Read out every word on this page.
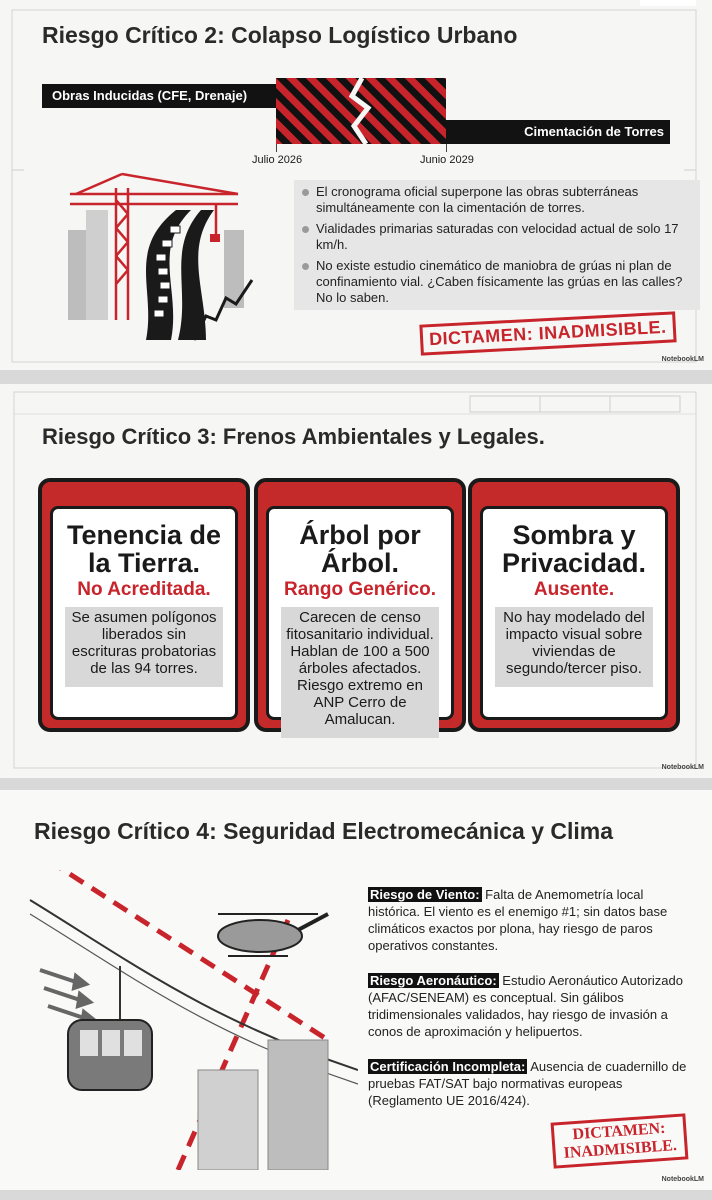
Riesgo Crítico 2: Colapso Logístico Urbano
Obras Inducidas (CFE, Drenaje)
Cimentación de Torres
Julio 2026	Junio 2029
El cronograma oficial superpone las obras subterráneas simultáneamente con la cimentación de torres.
Vialidades primarias saturadas con velocidad actual de solo 17 km/h.
No existe estudio cinemático de maniobra de grúas ni plan de confinamiento vial. ¿Caben físicamente las grúas en las calles? No lo saben.
DICTAMEN: INADMISIBLE.
NotebookLM
Riesgo Crítico 3: Frenos Ambientales y Legales.
NotebookLM
Tenencia de la Tierra.
No Acreditada.
Se asumen polígonos liberados sin escrituras probatorias de las 94 torres.
Árbol por Árbol.
Rango Genérico.
Carecen de censo fitosanitario individual. Hablan de 100 a 500 árboles afectados. Riesgo extremo en ANP Cerro de Amalucan.
Sombra y Privacidad.
Ausente.
No hay modelado del impacto visual sobre viviendas de segundo/tercer piso.
Riesgo Crítico 4: Seguridad Electromecánica y Clima
Riesgo de Viento: Falta de Anemometría local histórica. El viento es el enemigo #1; sin datos base climáticos exactos por plona, hay riesgo de paros operativos constantes.
Riesgo Aeronáutico: Estudio Aeronáutico Autorizado (AFAC/SENEAM) es conceptual. Sin gálibos tridimensionales validados, hay riesgo de invasión a conos de aproximación y helipuertos.
Certificación Incompleta: Ausencia de cuadernillo de pruebas FAT/SAT bajo normativas europeas (Reglamento UE 2016/424).
DICTAMEN:
INADMISIBLE.
NotebookLM
